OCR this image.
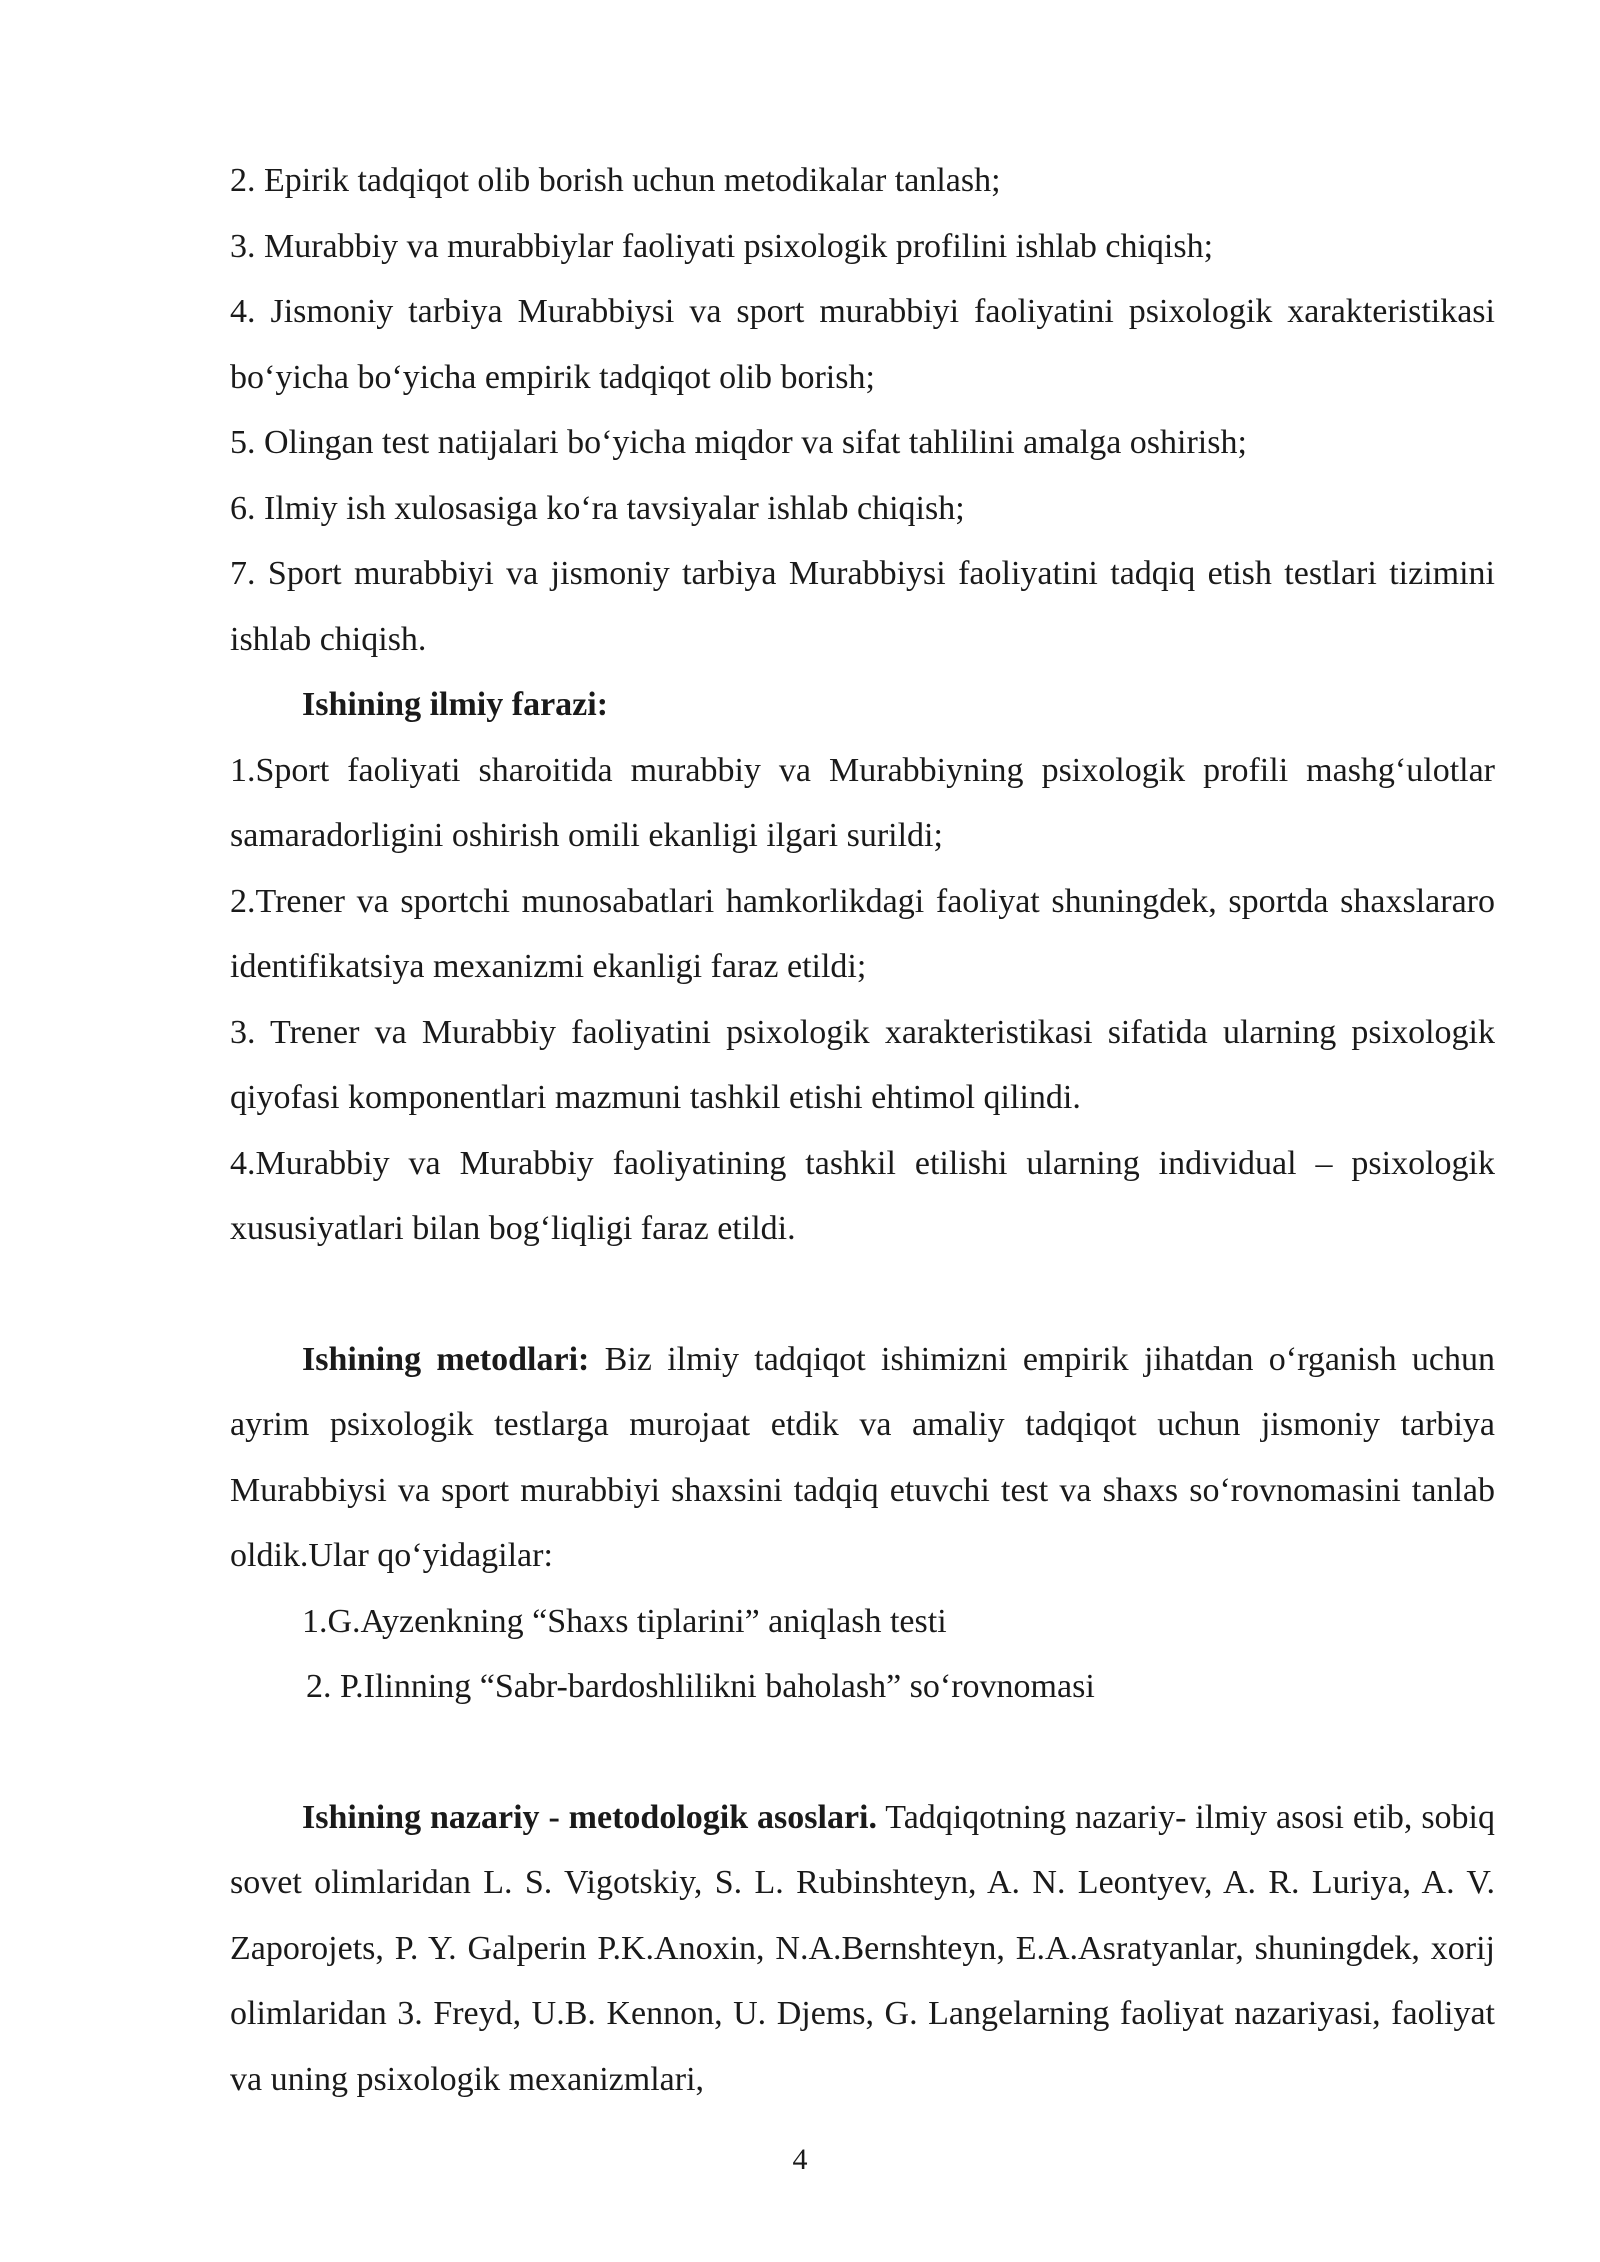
2. Epirik tadqiqot olib borish uchun metodikalar tanlash;

3. Murabbiy va murabbiylar faoliyati psixologik profilini ishlab chiqish;

4. Jismoniy tarbiya Murabbiysi va sport murabbiyi faoliyatini psixologik xarakteristikasi bo‘yicha bo‘yicha empirik tadqiqot olib borish;

5. Olingan test natijalari bo‘yicha miqdor va sifat tahlilini amalga oshirish;

6. Ilmiy ish xulosasiga ko‘ra tavsiyalar ishlab chiqish;

7. Sport murabbiyi va jismoniy tarbiya Murabbiysi faoliyatini tadqiq etish testlari tizimini ishlab chiqish.

Ishining ilmiy farazi:

1.Sport faoliyati sharoitida murabbiy va Murabbiyning psixologik profili mashg‘ulotlar samaradorligini oshirish omili ekanligi ilgari surildi;

2.Trener va sportchi munosabatlari hamkorlikdagi faoliyat shuningdek, sportda shaxslararo identifikatsiya mexanizmi ekanligi faraz etildi;

3. Trener va Murabbiy faoliyatini psixologik xarakteristikasi sifatida ularning psixologik qiyofasi komponentlari mazmuni tashkil etishi ehtimol qilindi.

4.Murabbiy va Murabbiy faoliyatining tashkil etilishi ularning individual – psixologik xususiyatlari bilan bog‘liqligi faraz etildi.

Ishining metodlari: Biz ilmiy tadqiqot ishimizni empirik jihatdan o‘rganish uchun ayrim psixologik testlarga murojaat etdik va amaliy tadqiqot uchun jismoniy tarbiya Murabbiysi va sport murabbiyi shaxsini tadqiq etuvchi test va shaxs so‘rovnomasini tanlab oldik.Ular qo‘yidagilar:

1.G.Ayzenkning “Shaxs tiplarini” aniqlash testi

2. P.Ilinning “Sabr-bardoshlilikni baholash” so‘rovnomasi

Ishining nazariy - metodologik asoslari. Tadqiqotning nazariy- ilmiy asosi etib, sobiq sovet olimlaridan L. S. Vigotskiy, S. L. Rubinshteyn, A. N. Leontyev, A. R. Luriya, A. V. Zaporojets, P. Y. Galperin P.K.Anoxin, N.A.Bernshteyn, E.A.Asratyanlar, shuningdek, xorij olimlaridan 3. Freyd, U.B. Kennon, U. Djems, G. Langelarning faoliyat nazariyasi, faoliyat va uning psixologik mexanizmlari,

4
